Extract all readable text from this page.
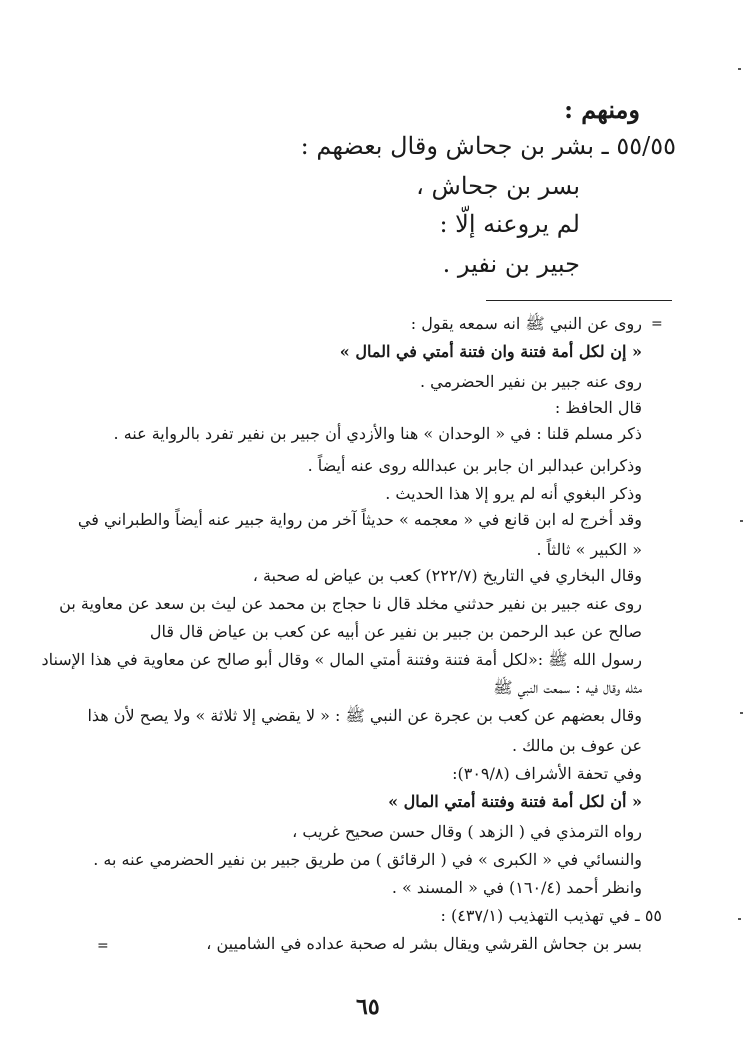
ومنهم :
٥٥/٥٥ ـ بشر بن جحاش وقال بعضهم :
بسر بن جحاش ،
لم يروعنه إلّا :
جبير بن نفير .
=
=
روى عن النبي ﷺ انه سمعه يقول :
« إن لكل أمة فتنة وان فتنة أمتي في المال »
روى عنه جبير بن نفير الحضرمي .
قال الحافظ :
ذكر مسلم قلنا : في « الوحدان » هنا والأزدي أن جبير بن نفير تفرد بالرواية عنه .
وذكرابن عبدالبر ان جابر بن عبدالله روى عنه أيضاً .
وذكر البغوي أنه لم يرو إلا هذا الحديث .
وقد أخرج له ابن قانع في « معجمه » حديثاً آخر من رواية جبير عنه أيضاً والطبراني في
« الكبير » ثالثاً .
وقال البخاري في التاريخ (٢٢٢/٧) كعب بن عياض له صحبة ،
روى عنه جبير بن نفير حدثني مخلد قال نا حجاج بن محمد عن ليث بن سعد عن معاوية بن
صالح عن عبد الرحمن بن جبير بن نفير عن أبيه عن كعب بن عياض قال قال
رسول الله ﷺ :«لكل أمة فتنة وفتنة أمتي المال » وقال أبو صالح عن معاوية في هذا الإسناد
مثله وقال فيه : سمعت النبي ﷺ
وقال بعضهم عن كعب بن عجرة عن النبي ﷺ : « لا يقضي إلا ثلاثة » ولا يصح لأن هذا
عن عوف بن مالك .
وفي تحفة الأشراف (٣٠٩/٨):
« أن لكل أمة فتنة وفتنة أمتي المال »
رواه الترمذي في ( الزهد ) وقال حسن صحيح غريب ،
والنسائي في « الكبرى » في ( الرقائق ) من طريق جبير بن نفير الحضرمي عنه به .
وانظر أحمد (١٦٠/٤) في « المسند » .
٥٥ ـ في تهذيب التهذيب (٤٣٧/١) :
بسر بن جحاش القرشي ويقال بشر له صحبة عداده في الشاميين ،
٦٥
